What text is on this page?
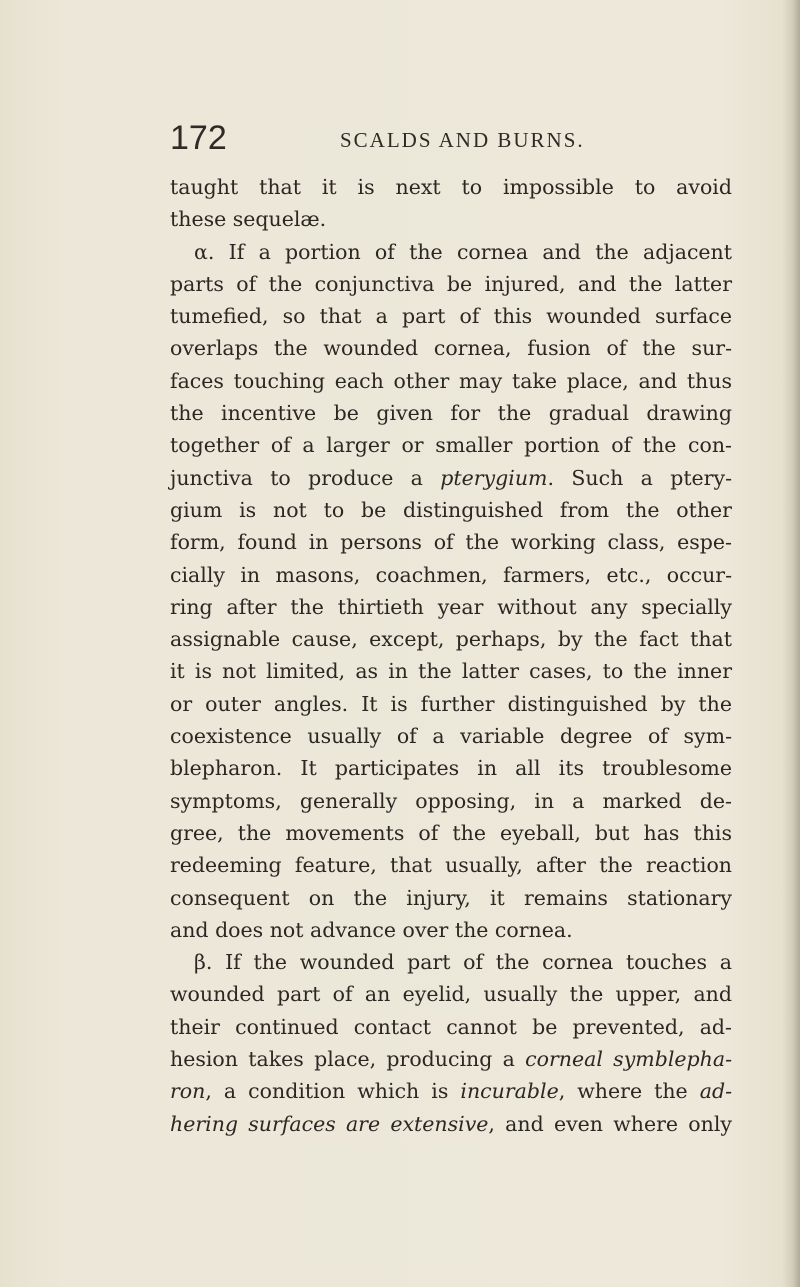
172	SCALDS AND BURNS.
taught that it is next to impossible to avoid
these sequelæ.
α. If a portion of the cornea and the adjacent
parts of the conjunctiva be injured, and the latter
tumefied, so that a part of this wounded surface
overlaps the wounded cornea, fusion of the sur-
faces touching each other may take place, and thus
the incentive be given for the gradual drawing
together of a larger or smaller portion of the con-
junctiva to produce a pterygium. Such a ptery-
gium is not to be distinguished from the other
form, found in persons of the working class, espe-
cially in masons, coachmen, farmers, etc., occur-
ring after the thirtieth year without any specially
assignable cause, except, perhaps, by the fact that
it is not limited, as in the latter cases, to the inner
or outer angles. It is further distinguished by the
coexistence usually of a variable degree of sym-
blepharon. It participates in all its troublesome
symptoms, generally opposing, in a marked de-
gree, the movements of the eyeball, but has this
redeeming feature, that usually, after the reaction
consequent on the injury, it remains stationary
and does not advance over the cornea.
β. If the wounded part of the cornea touches a
wounded part of an eyelid, usually the upper, and
their continued contact cannot be prevented, ad-
hesion takes place, producing a corneal symblepha-
ron, a condition which is incurable, where the ad-
hering surfaces are extensive, and even where only
